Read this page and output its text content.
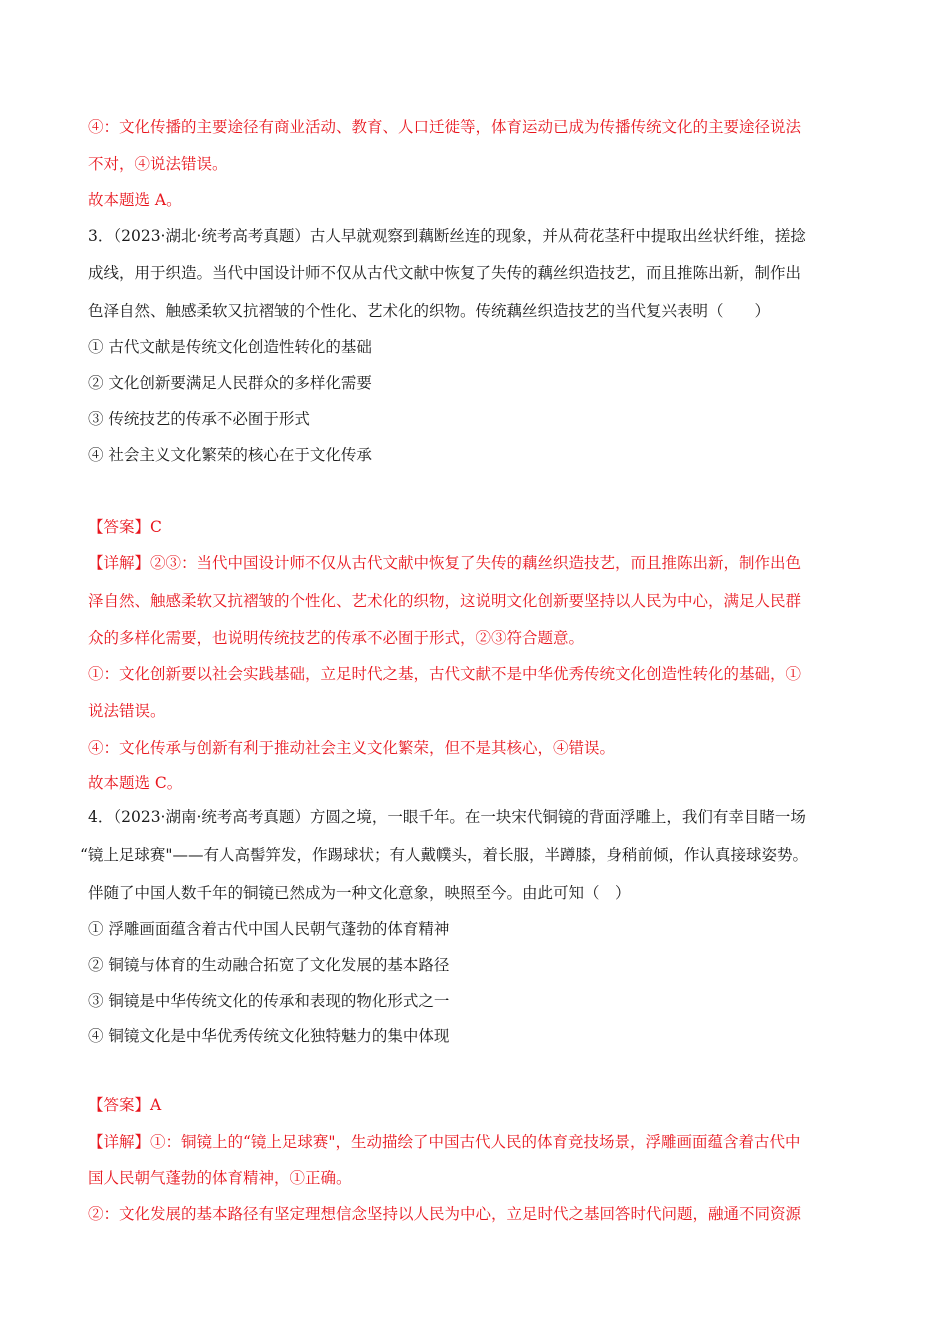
④：文化传播的主要途径有商业活动、教育、人口迁徙等，体育运动已成为传播传统文化的主要途径说法
不对，④说法错误。
故本题选 A。
3．（2023·湖北·统考高考真题）古人早就观察到藕断丝连的现象，并从荷花茎秆中提取出丝状纤维，搓捻
成线，用于织造。当代中国设计师不仅从古代文献中恢复了失传的藕丝织造技艺，而且推陈出新，制作出
色泽自然、触感柔软又抗褶皱的个性化、艺术化的织物。传统藕丝织造技艺的当代复兴表明（　　）
① 古代文献是传统文化创造性转化的基础
② 文化创新要满足人民群众的多样化需要
③ 传统技艺的传承不必囿于形式
④ 社会主义文化繁荣的核心在于文化传承
【答案】C
【详解】②③：当代中国设计师不仅从古代文献中恢复了失传的藕丝织造技艺，而且推陈出新，制作出色
泽自然、触感柔软又抗褶皱的个性化、艺术化的织物，这说明文化创新要坚持以人民为中心，满足人民群
众的多样化需要，也说明传统技艺的传承不必囿于形式，②③符合题意。
①：文化创新要以社会实践基础，立足时代之基，古代文献不是中华优秀传统文化创造性转化的基础，①
说法错误。
④：文化传承与创新有利于推动社会主义文化繁荣，但不是其核心，④错误。
故本题选 C。
4．（2023·湖南·统考高考真题）方圆之境，一眼千年。在一块宋代铜镜的背面浮雕上，我们有幸目睹一场
“镜上足球赛"——有人高髻笄发，作踢球状；有人戴幞头，着长服，半蹲膝，身稍前倾，作认真接球姿势。
伴随了中国人数千年的铜镜已然成为一种文化意象，映照至今。由此可知（　）
① 浮雕画面蕴含着古代中国人民朝气蓬勃的体育精神
② 铜镜与体育的生动融合拓宽了文化发展的基本路径
③ 铜镜是中华传统文化的传承和表现的物化形式之一
④ 铜镜文化是中华优秀传统文化独特魅力的集中体现
【答案】A
【详解】①：铜镜上的“镜上足球赛"，生动描绘了中国古代人民的体育竞技场景，浮雕画面蕴含着古代中
国人民朝气蓬勃的体育精神，①正确。
②：文化发展的基本路径有坚定理想信念坚持以人民为中心，立足时代之基回答时代问题，融通不同资源
